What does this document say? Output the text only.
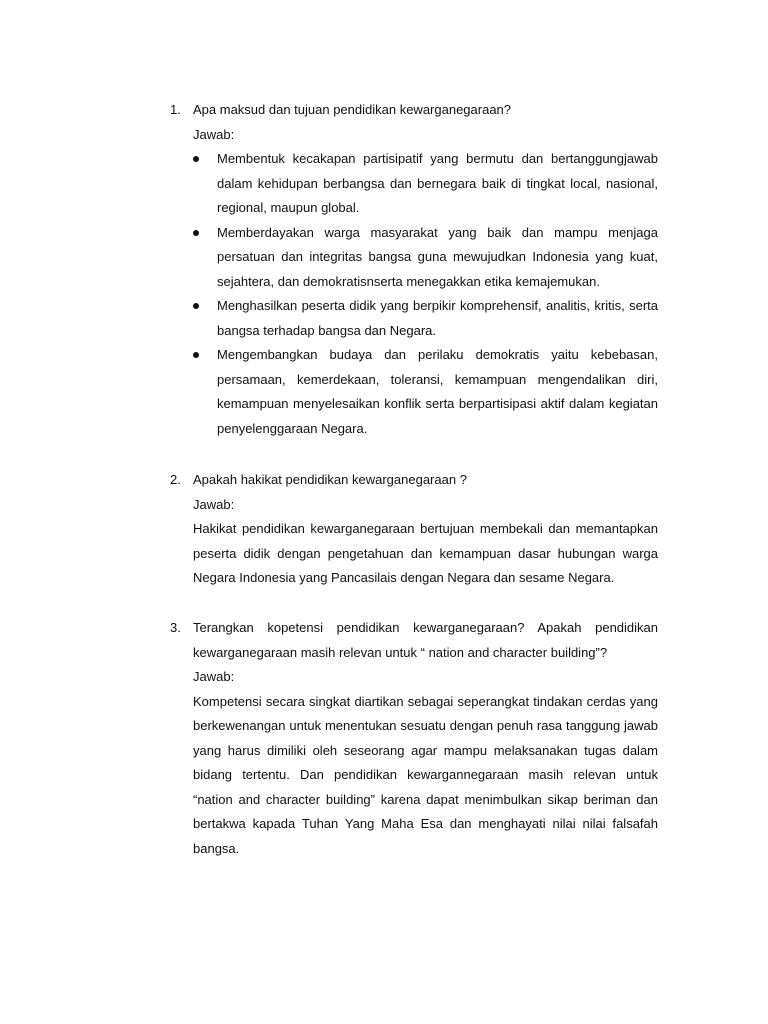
1. Apa maksud dan tujuan pendidikan kewarganegaraan?
Jawab:
Membentuk kecakapan partisipatif yang bermutu dan bertanggungjawab
dalam kehidupan berbangsa dan bernegara baik di tingkat local, nasional,
regional, maupun global.
Memberdayakan warga masyarakat yang baik dan mampu menjaga
persatuan dan integritas bangsa guna mewujudkan Indonesia yang kuat,
sejahtera, dan demokratisnserta menegakkan etika kemajemukan.
Menghasilkan peserta didik yang berpikir komprehensif, analitis, kritis, serta
bangsa terhadap bangsa dan Negara.
Mengembangkan budaya dan perilaku demokratis yaitu kebebasan,
persamaan, kemerdekaan, toleransi, kemampuan mengendalikan diri,
kemampuan menyelesaikan konflik serta berpartisipasi aktif dalam kegiatan
penyelenggaraan Negara.
2. Apakah hakikat pendidikan kewarganegaraan ?
Jawab:
Hakikat pendidikan kewarganegaraan bertujuan membekali dan memantapkan
peserta didik dengan pengetahuan dan kemampuan dasar hubungan warga
Negara Indonesia yang Pancasilais dengan Negara dan sesame Negara.
3. Terangkan kopetensi pendidikan kewarganegaraan? Apakah pendidikan
kewarganegaraan masih relevan untuk “ nation and character building”?
Jawab:
Kompetensi secara singkat diartikan sebagai seperangkat tindakan cerdas yang
berkewenangan untuk menentukan sesuatu dengan penuh rasa tanggung jawab
yang harus dimiliki oleh seseorang agar mampu melaksanakan tugas dalam
bidang tertentu. Dan pendidikan kewargannegaraan masih relevan untuk
“nation and character building” karena dapat menimbulkan sikap beriman dan
bertakwa kapada Tuhan Yang Maha Esa dan menghayati nilai nilai falsafah
bangsa.
